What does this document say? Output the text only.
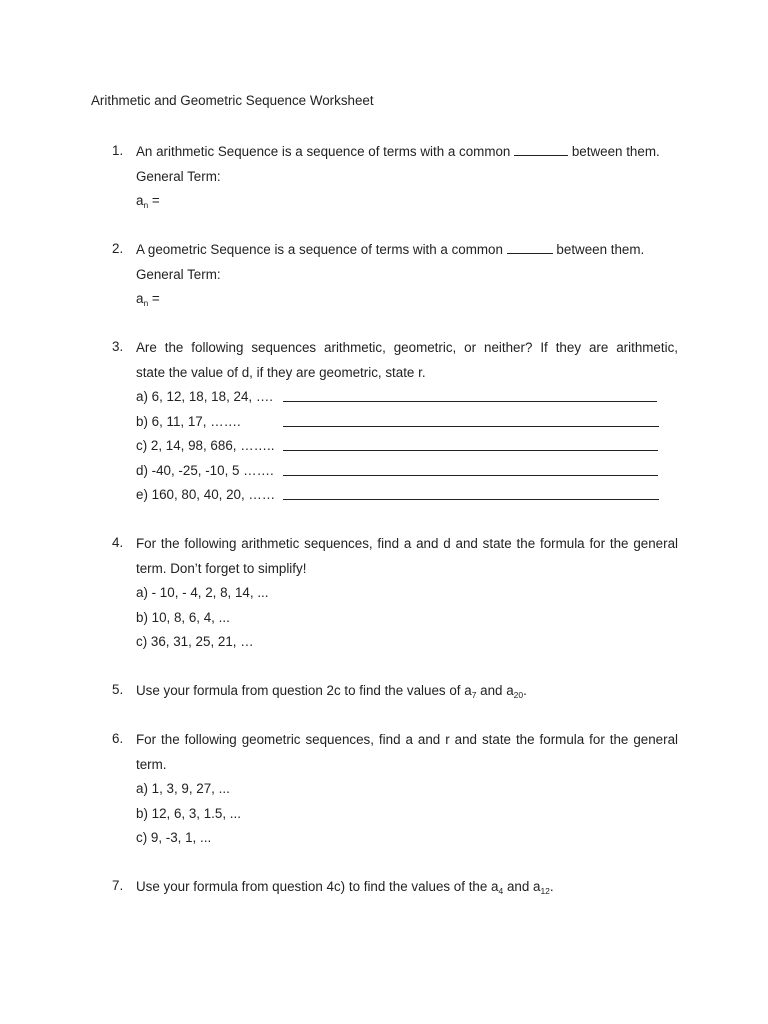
Arithmetic and Geometric Sequence Worksheet
1. An arithmetic Sequence is a sequence of terms with a common	between them.
General Term:
$a_n$ =
2. A geometric Sequence is a sequence of terms with a common	between them.
General Term:
$a_n$ =
3. Are the following sequences arithmetic, geometric, or neither? If they are arithmetic,
state the value of d, if they are geometric, state r.
a) 6, 12, 18, 18, 24, ….
b) 6, 11, 17, …….
c) 2, 14, 98, 686, ……..
d) -40, -25, -10, 5 …….
e) 160, 80, 40, 20, ……
4. For the following arithmetic sequences, find a and d and state the formula for the general
term. Don’t forget to simplify!
a) - 10, - 4, 2, 8, 14, ...
b) 10, 8, 6, 4, ...
c) 36, 31, 25, 21, …
5. Use your formula from question 2c to find the values of $a_7$ and $a_{20}$.
6. For the following geometric sequences, find a and r and state the formula for the general
term.
a) 1, 3, 9, 27, ...
b) 12, 6, 3, 1.5, ...
c) 9, -3, 1, ...
7. Use your formula from question 4c) to find the values of the $a_4$ and $a_{12}$.
